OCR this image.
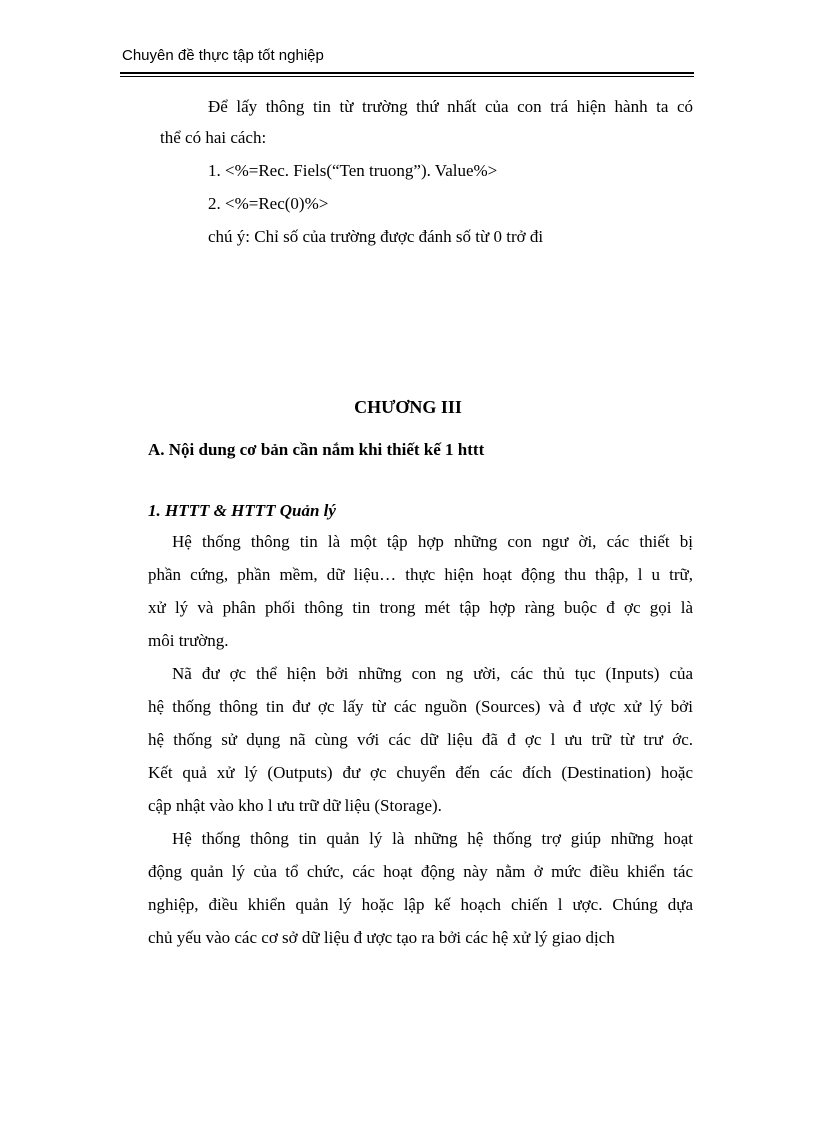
Chuyên đề thực tập tốt nghiệp
Để lấy thông tin từ trường thứ nhất của con trá hiện hành ta có
thể có hai cách:
1. <%=Rec. Fiels(“Ten truong”). Value%>
2. <%=Rec(0)%>
chú ý: Chỉ số của trường được đánh số từ 0 trở đi
CHƯƠNG III
A. Nội dung cơ bản cần nắm khi thiết kế 1 httt
1. HTTT & HTTT Quản lý
Hệ thống thông tin là một tập hợp những con ngư ời, các thiết bị
phần cứng, phần mềm, dữ liệu… thực hiện hoạt động thu thập, l u trữ,
xử lý và phân phối thông tin trong mét tập hợp ràng buộc đ ợc gọi là
môi trường.
Nã đư ợc thể hiện bởi những con ng ười, các thủ tục (Inputs) của
hệ thống thông tin đư ợc lấy từ các nguồn (Sources) và đ ược xử lý bởi
hệ thống sử dụng nã cùng với các dữ liệu đã đ ợc l ưu trữ từ trư ớc.
Kết quả xử lý (Outputs) đư ợc chuyển đến các đích (Destination) hoặc
cập nhật vào kho l ưu trữ dữ liệu (Storage).
Hệ thống thông tin quản lý là những hệ thống trợ giúp những hoạt
động quản lý của tổ chức, các hoạt động này nằm ở mức điều khiển tác
nghiệp, điều khiển quản lý hoặc lập kế hoạch chiến l ược. Chúng dựa
chủ yếu vào các cơ sở dữ liệu đ ược tạo ra bởi các hệ xử lý giao dịch
